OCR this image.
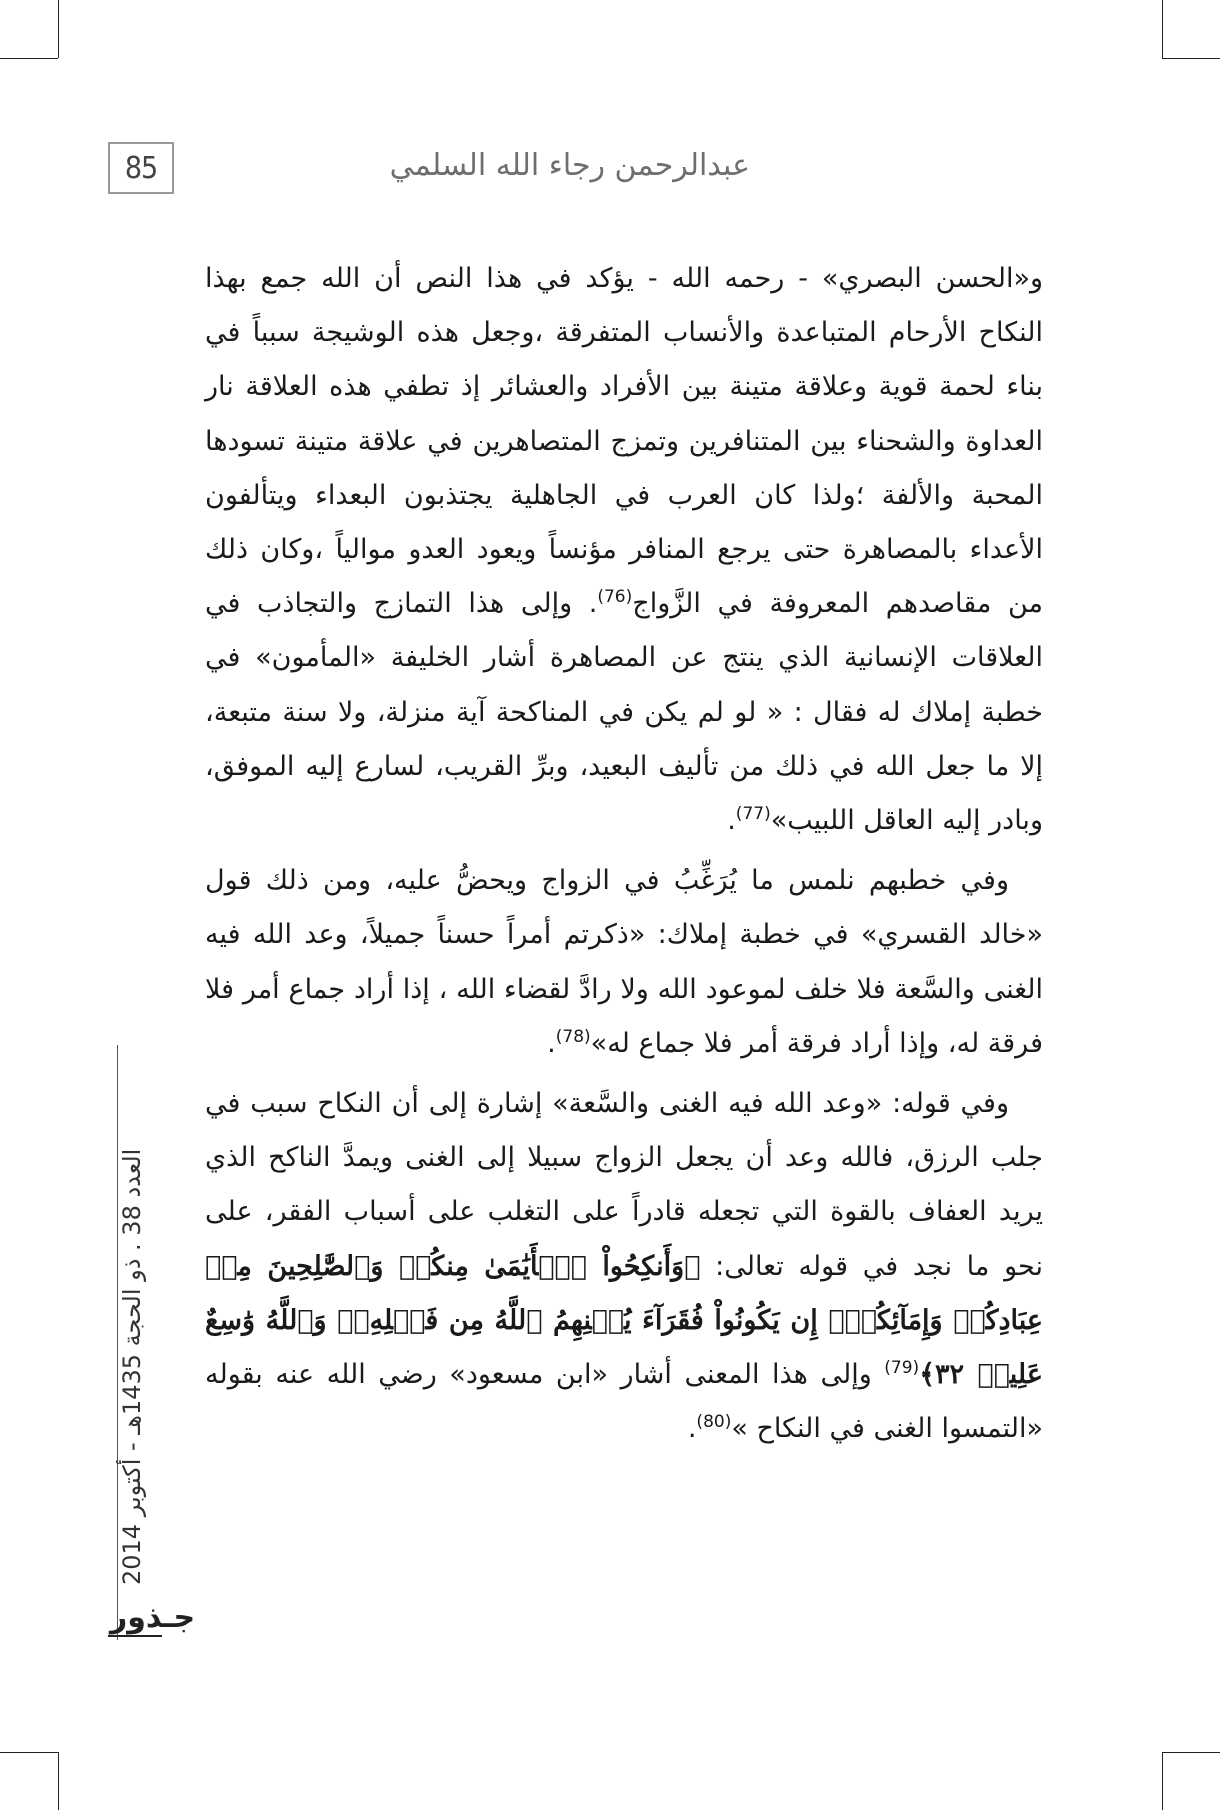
85	عبدالرحمن رجاء الله السلمي

و«الحسن البصري» - رحمه الله - يؤكد في هذا النص أن الله جمع بهذا النكاح الأرحام المتباعدة والأنساب المتفرقة ،وجعل هذه الوشيجة سبباً في بناء لحمة قوية وعلاقة متينة بين الأفراد والعشائر إذ تطفي هذه العلاقة نار العداوة والشحناء بين المتنافرين وتمزج المتصاهرين في علاقة متينة تسودها المحبة والألفة ؛ولذا كان العرب في الجاهلية يجتذبون البعداء ويتألفون الأعداء بالمصاهرة حتى يرجع المنافر مؤنساً ويعود العدو موالياً ،وكان ذلك من مقاصدهم المعروفة في الزَّواج$^{(76)}$. وإلى هذا التمازج والتجاذب في العلاقات الإنسانية الذي ينتج عن المصاهرة أشار الخليفة «المأمون» في خطبة إملاك له فقال : « لو لم يكن في المناكحة آية منزلة، ولا سنة متبعة، إلا ما جعل الله في ذلك من تأليف البعيد، وبرِّ القريب، لسارع إليه الموفق، وبادر إليه العاقل اللبيب»$^{(77)}$.

وفي خطبهم نلمس ما يُرَغِّبُ في الزواج ويحضُّ عليه، ومن ذلك قول «خالد القسري» في خطبة إملاك: «ذكرتم أمراً حسناً جميلاً، وعد الله فيه الغنى والسَّعة فلا خلف لموعود الله ولا رادَّ لقضاء الله ، إذا أراد جماع أمر فلا فرقة له، وإذا أراد فرقة أمر فلا جماع له»$^{(78)}$.

وفي قوله: «وعد الله فيه الغنى والسَّعة» إشارة إلى أن النكاح سبب في جلب الرزق، فالله وعد أن يجعل الزواج سبيلا إلى الغنى ويمدَّ الناكح الذي يريد العفاف بالقوة التي تجعله قادراً على التغلب على أسباب الفقر، على نحو ما نجد في قوله تعالى: ﴿وَأَنكِحُواْ ٱلۡأَيَٰمَىٰ مِنكُمۡ وَٱلصَّٰلِحِينَ مِنۡ عِبَادِكُمۡ وَإِمَآئِكُمۡۚ إِن يَكُونُواْ فُقَرَآءَ يُغۡنِهِمُ ٱللَّهُ مِن فَضۡلِهِۦۗ وَٱللَّهُ وَٰسِعٌ عَلِيمٞ ٣٢﴾$^{(79)}$ وإلى هذا المعنى أشار «ابن مسعود» رضي الله عنه بقوله «التمسوا الغنى في النكاح »$^{(80)}$.

العدد 38 . ذو الحجة 1435هـ - أكتوبر 2014
جـذور
